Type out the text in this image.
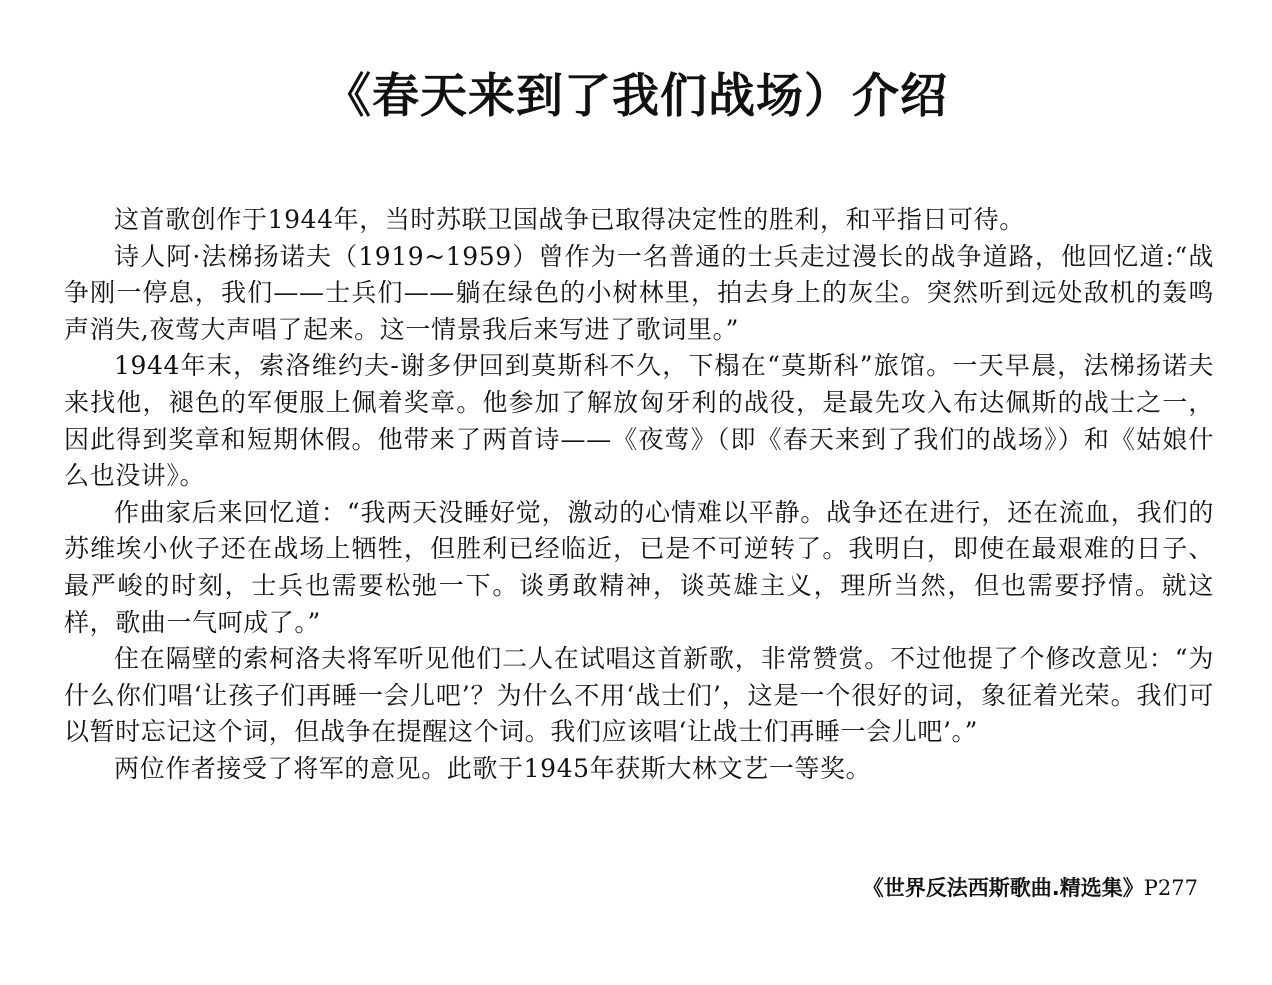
《春天来到了我们战场）介绍

这首歌创作于1944年，当时苏联卫国战争已取得决定性的胜利，和平指日可待。

诗人阿·法梯扬诺夫（1919~1959）曾作为一名普通的士兵走过漫长的战争道路，他回忆道:“战争刚一停息，我们——士兵们——躺在绿色的小树林里，拍去身上的灰尘。突然听到远处敌机的轰鸣声消失,夜莺大声唱了起来。这一情景我后来写进了歌词里。”

1944年末，索洛维约夫-谢多伊回到莫斯科不久，下榻在“莫斯科”旅馆。一天早晨，法梯扬诺夫来找他，褪色的军便服上佩着奖章。他参加了解放匈牙利的战役，是最先攻入布达佩斯的战士之一，因此得到奖章和短期休假。他带来了两首诗——《夜莺》（即《春天来到了我们的战场》）和《姑娘什么也没讲》。

作曲家后来回忆道：“我两天没睡好觉，激动的心情难以平静。战争还在进行，还在流血，我们的苏维埃小伙子还在战场上牺牲，但胜利已经临近，已是不可逆转了。我明白，即使在最艰难的日子、最严峻的时刻，士兵也需要松弛一下。谈勇敢精神，谈英雄主义，理所当然，但也需要抒情。就这样，歌曲一气呵成了。”

住在隔壁的索柯洛夫将军听见他们二人在试唱这首新歌，非常赞赏。不过他提了个修改意见：“为什么你们唱‘让孩子们再睡一会儿吧’？为什么不用‘战士们’，这是一个很好的词，象征着光荣。我们可以暂时忘记这个词，但战争在提醒这个词。我们应该唱‘让战士们再睡一会儿吧’。”

两位作者接受了将军的意见。此歌于1945年获斯大林文艺一等奖。

《世界反法西斯歌曲.精选集》P277
